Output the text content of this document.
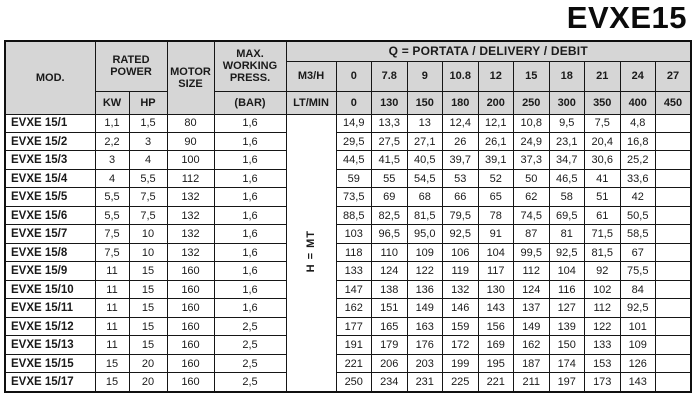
EVXE15
MOD.	RATED POWER		MOTOR SIZE	MAX. WORKING PRESS.	Q = PORTATA / DELIVERY / DEBIT										
					M3/H	0	7.8	9	10.8	12	15	18	21	24	27
	KW	HP		(BAR)	LT/MIN	0	130	150	180	200	250	300	350	400	450
EVXE 15/1	1,1	1,5	80	1,6	H = MT	14,9	13,3	13	12,4	12,1	10,8	9,5	7,5	4,8	
EVXE 15/2	2,2	3	90	1,6		29,5	27,5	27,1	26	26,1	24,9	23,1	20,4	16,8	
EVXE 15/3	3	4	100	1,6		44,5	41,5	40,5	39,7	39,1	37,3	34,7	30,6	25,2	
EVXE 15/4	4	5,5	112	1,6		59	55	54,5	53	52	50	46,5	41	33,6	
EVXE 15/5	5,5	7,5	132	1,6		73,5	69	68	66	65	62	58	51	42	
EVXE 15/6	5,5	7,5	132	1,6		88,5	82,5	81,5	79,5	78	74,5	69,5	61	50,5	
EVXE 15/7	7,5	10	132	1,6		103	96,5	95,0	92,5	91	87	81	71,5	58,5	
EVXE 15/8	7,5	10	132	1,6		118	110	109	106	104	99,5	92,5	81,5	67	
EVXE 15/9	11	15	160	1,6		133	124	122	119	117	112	104	92	75,5	
EVXE 15/10	11	15	160	1,6		147	138	136	132	130	124	116	102	84	
EVXE 15/11	11	15	160	1,6		162	151	149	146	143	137	127	112	92,5	
EVXE 15/12	11	15	160	2,5		177	165	163	159	156	149	139	122	101	
EVXE 15/13	11	15	160	2,5		191	179	176	172	169	162	150	133	109	
EVXE 15/15	15	20	160	2,5		221	206	203	199	195	187	174	153	126	
EVXE 15/17	15	20	160	2,5		250	234	231	225	221	211	197	173	143	
